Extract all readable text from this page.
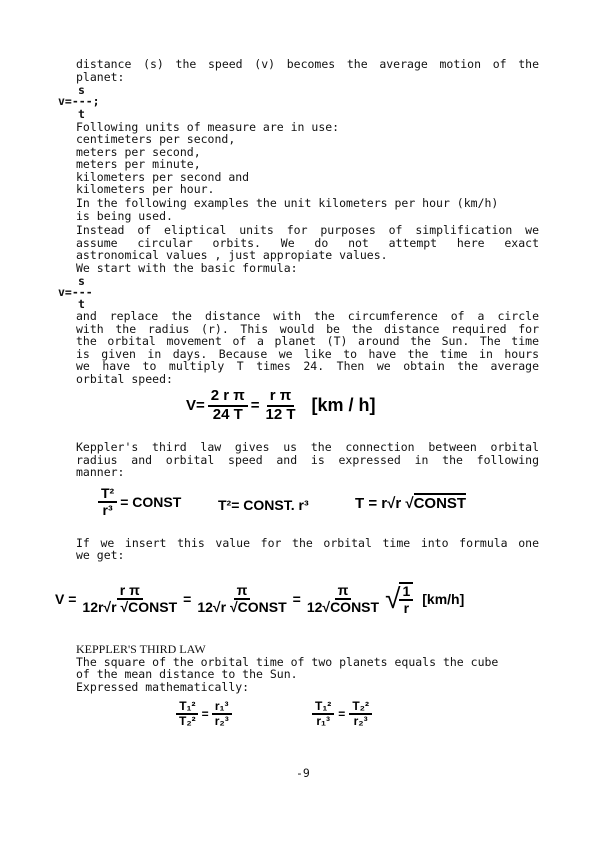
distance (s) the speed (v) becomes the average motion of the
planet:
s
v=---;
t
Following units of measure are in use:
centimeters per second,
meters per second,
meters per minute,
kilometers per second and
kilometers per hour.
In the following examples the unit kilometers per hour (km/h)
is being used.
Instead of eliptical units for purposes of simplification we
assume circular orbits. We do not attempt here exact
astronomical values , just appropiate values.
We start with the basic formula:
s
v=---
t
and replace the distance with the circumference of a circle
with the radius (r). This would be the distance required for
the orbital movement of a planet (T) around the Sun. The time
is given in days. Because we like to have the time in hours
we have to multiply T times 24. Then we obtain the average
orbital speed:
$V= \frac{\text{2 r π}}{24 T} = \frac{\text{r π}}{12 T} [km / h]$
Keppler's third law gives us the connection between orbital
radius and orbital speed and is expressed in the following
manner:
$\frac{\text{T²}}{\text{r³}}$ = CONST	T²= CONST. r³	T = r√r √CONST
If we insert this value for the orbital time into formula one
we get:
$V = \frac{\text{r π}}{\text{12r√r √CONST}} = \frac{\pi}{\text{12√r √CONST}} = \frac{\pi}{\text{12√CONST}}$ √ $\frac{1}{r} [km/h]$
KEPPLER'S THIRD LAW
The square of the orbital time of two planets equals the cube
of the mean distance to the Sun.
Expressed mathematically:
$\frac{\text{T₁²}}{\text{T₂²}} = \frac{\text{r₁³}}{\text{r₂³}}$	$\frac{\text{T₁²}}{\text{r₁³}} = \frac{\text{T₂²}}{\text{r₂³}}$
-9
